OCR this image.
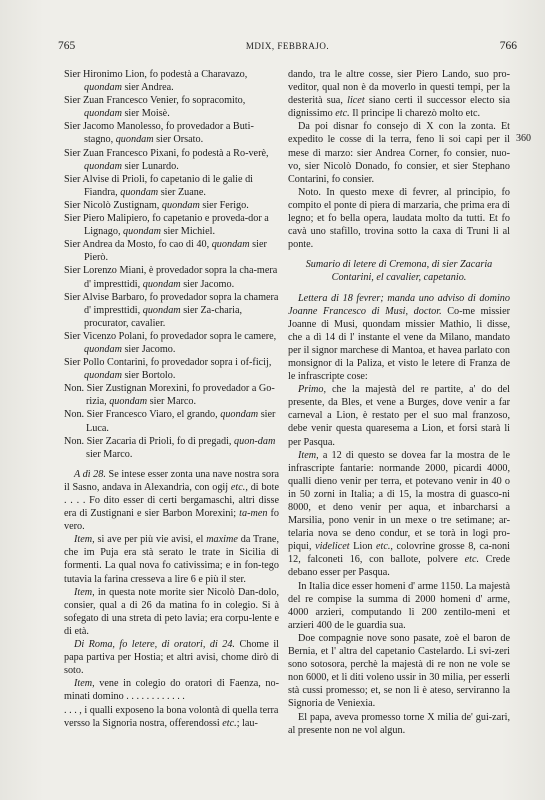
765	MDIX, FEBBRAJO.	766
360
Sier Hironimo Lion, fo podestà a Charavazo, quondam sier Andrea.
Sier Zuan Francesco Venier, fo sopracomito, quondam sier Moisè.
Sier Jacomo Manolesso, fo provedador a Buti-stagno, quondam sier Orsato.
Sier Zuan Francesco Pixani, fo podestà a Ro-verè, quondam sier Lunardo.
Sier Alvise di Prioli, fo capetanio di le galie di Fiandra, quondam sier Zuane.
Sier Nicolò Zustignam, quondam sier Ferigo.
Sier Piero Malipiero, fo capetanio e proveda-dor a Lignago, quondam sier Michiel.
Sier Andrea da Mosto, fo cao di 40, quondam sier Pierò.
Sier Lorenzo Miani, è provedador sopra la cha-mera d' impresttidi, quondam sier Jacomo.
Sier Alvise Barbaro, fo provedador sopra la chamera d' impresttidi, quondam sier Za-charia, procurator, cavalier.
Sier Vicenzo Polani, fo provedador sopra le camere, quondam sier Jacomo.
Sier Pollo Contarini, fo provedador sopra i of-ficij, quondam sier Bortolo.
Non. Sier Zustignan Morexini, fo provedador a Go-rizia, quondam sier Marco.
Non. Sier Francesco Viaro, el grando, quondam sier Luca.
Non. Sier Zacaria di Prioli, fo di pregadi, quon-dam sier Marco.

A dì 28. Se intese esser zonta una nave nostra sora il Sasno, andava in Alexandria, con ogij etc., di bote . . . . Fo dito esser di certi bergamaschi, altri disse era di Zustignani e sier Barbon Morexini; ta-men fo vero.

Item, si ave per più vie avisi, el maxime da Trane, che im Puja era stà serato le trate in Sicilia di formenti. La qual nova fo cativissima; e in fon-tego tutavia la farina cresseva a lire 6 e più il ster.

Item, in questa note morite sier Nicolò Dan-dolo, consier, qual a di 26 da matina fo in colegio. Si à sofegato di una streta di peto lavia; era corpu-lente e di età.

Di Roma, fo letere, di oratori, di 24. Chome il papa partiva per Hostia; et altri avisi, chome dirò di soto.

Item, vene in colegio do oratori di Faenza, no-minati domino . . . . . . . . . . . .

. . . , i qualli exposeno la bona volontà di quella terra versso la Signoria nostra, offerendossi etc.; lau-

dando, tra le altre cosse, sier Piero Lando, suo pro-veditor, qual non è da moverlo in questi tempi, per la desterità sua, licet siano certi il successor electo sia dignissimo etc. Il principe li charezò molto etc.

Da poi disnar fo consejo di X con la zonta. Et expedito le cosse di la terra, feno li soi capi per il mese di marzo: sier Andrea Corner, fo consier, nuo-vo, sier Nicolò Donado, fo consier, et sier Stephano Contarini, fo consier.

Noto. In questo mexe di fevrer, al principio, fo compito el ponte di piera di marzaria, che prima era di legno; et fo bella opera, laudata molto da tutti. Et fo cavà uno stafillo, trovina sotto la caxa di Truni li al ponte.

Sumario di letere di Cremona, di sier Zacaria Contarini, el cavalier, capetanio.

Lettera di 18 fevrer; manda uno adviso di domino Joanne Francesco di Musi, doctor. Co-me missier Joanne di Musi, quondam missier Mathio, li disse, che a dì 14 di l' instante el vene da Milano, mandato per il signor marchese di Mantoa, et havea parlato con monsignor di la Paliza, et visto le letere di Franza de le infrascripte cose:

Primo, che la majestà del re partite, a' do del presente, da Bles, et vene a Burges, dove venir a far carneval a Lion, è restato per el suo mal franzoso, debe venir questa quaresema a Lion, et forsi starà li per Pasqua.

Item, a 12 di questo se dovea far la mostra de le infrascripte fantarie: normande 2000, picardi 4000, qualli dieno venir per terra, et potevano venir in 40 o in 50 zorni in Italia; a di 15, la mostra di guasco-ni 8000, et deno venir per aqua, et inbarcharsi a Marsilia, pono venir in un mexe o tre setimane; ar-telaria nova se deno condur, et se torà in logi pro-piqui, videlicet Lion etc., colovrine grosse 8, ca-noni 12, falconeti 16, con ballote, polvere etc. Crede debano esser per Pasqua.

In Italia dice esser homeni d' arme 1150. La majestà del re compise la summa di 2000 homeni d' arme, 4000 arzieri, computando li 200 zentilo-meni et arzieri 400 de le guardia sua.

Doe compagnie nove sono pasate, zoè el baron de Bernia, et l' altra del capetanio Castelardo. Li svi-zeri sono sotosora, perchè la majestà di re non ne vole se non 6000, et li diti voleno ussir in 30 milia, per esserli stà cussi promesso; et, se non li è ateso, serviranno la Signoria de Veniexia.

El papa, aveva promesso torne X milia de' gui-zari, al presente non ne vol algun.
